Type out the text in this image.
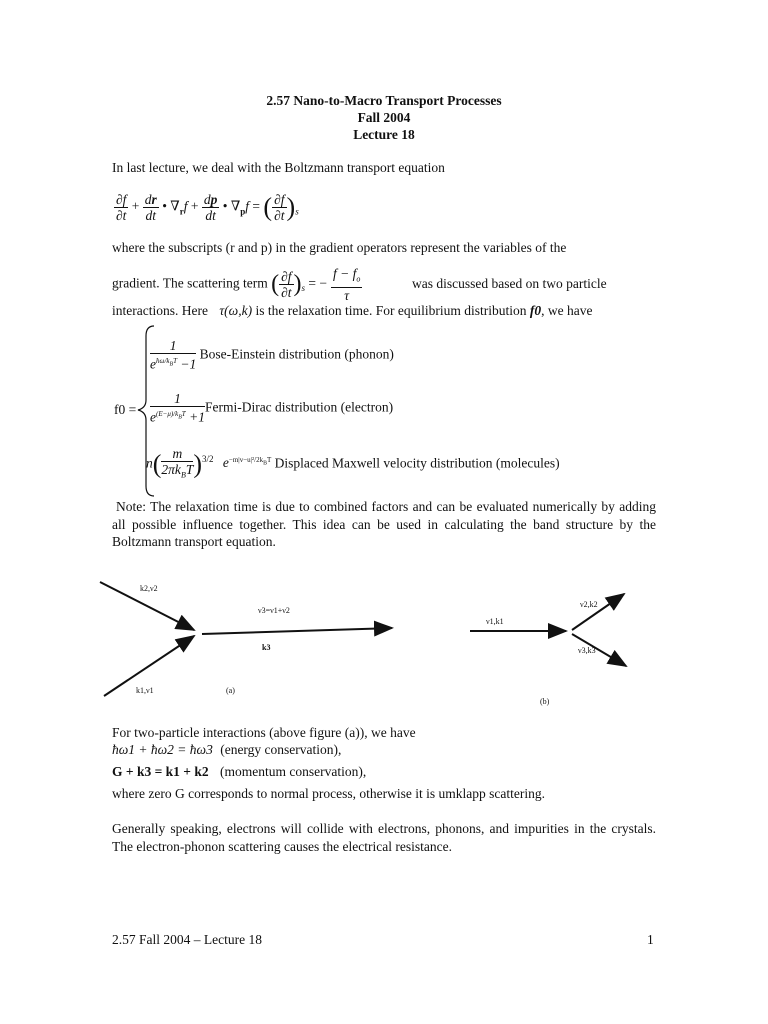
2.57 Nano-to-Macro Transport Processes
Fall 2004
Lecture 18
In last lecture, we deal with the Boltzmann transport equation
$\frac{\partial f}{\partial t} + \frac{dr}{dt}$ • $\nabla_rf + \frac{dp}{dt}$ • $\nabla_pf$ = ( $\frac{\partial f}{\partial t} )_s$
where the subscripts (r and p) in the gradient operators represent the variables of the
gradient. The scattering term ( $\frac{\partial f}{\partial t} )_s$ = − $\frac{f - f_o}{\tau}$	was discussed based on two particle
interactions. Here τ(ω,k) is the relaxation time. For equilibrium distribution f0, we have
f0 =
$\frac{1}{e^{ħ\omega/k_BT} -1}$ Bose-Einstein distribution (phonon)
$\frac{1}{e^{(E-\mu)/k_BT} +1}$ Fermi-Dirac distribution (electron)
$n( \frac{m}{2\pi k_BT} )^{3/2}$ $e^{-m|v-u|^2/2k_BT}$ Displaced Maxwell velocity distribution (molecules)
Note: The relaxation time is due to combined factors and can be evaluated numerically by adding all possible influence together. This idea can be used in calculating the band structure by the Boltzmann transport equation.
k2,ν2
k1,ν1
ν3=ν1+ν2
k3
(a)
ν1,k1
ν2,k2
ν3,k3
(b)
For two-particle interactions (above figure (a)), we have
ħω1 + ħω2 = ħω3 (energy conservation),
G + k3 = k1 + k2 (momentum conservation),
where zero G corresponds to normal process, otherwise it is umklapp scattering.
Generally speaking, electrons will collide with electrons, phonons, and impurities in the crystals. The electron-phonon scattering causes the electrical resistance.
2.57 Fall 2004 – Lecture 18	1
